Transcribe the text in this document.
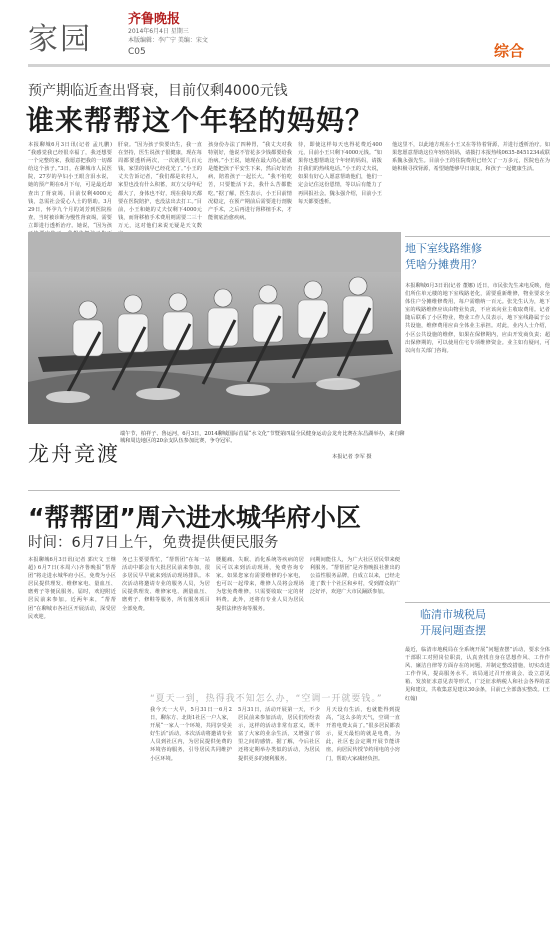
家园
齐鲁晚报
2014年6月4日 星期三
本版编辑：李广宁 美编：宋文
C05	综合
预产期临近查出肾衰，目前仅剩4000元钱
谁来帮帮这个年轻的妈妈？
本报聊城6月3日讯(记者 孟凡鹏) “我感觉我已经很幸福了，我还想要一个完整的家，我愿意把我的一切都给这个孩子。”3日，在聊城市人民医院，27岁的孕妇小王眼含泪水说，她的预产期在6月下旬，可是最近却查出了肾衰竭，目前仅剩4000元钱，急需社会爱心人士的帮助。3月29日，怀孕九个月的刘芳到医院检查，当时被诊断为慢性肾衰竭，需要立即进行透析治疗。她说，“因为孩
肝衰。“因为孩子快要出生，我一直在坚持，医生说孩子很健康，现在每周都要透析两次，一次就要几百元钱，家里的钱早已经花光了。”小王的丈夫告诉记者，“我们都是农村人，家里也没有什么积蓄，双方父母年纪都大了，身体也不好，现在我每天都要在医院陪护，也没法出去打工。”目前，小王和她的丈夫仅剩下4000元钱，而肾移植手术费用则需要二三十万元，这对他们来说无疑是天文数
孩身份办法了四种胃，“我丈夫对我特别好，他说不管花多少钱都要给我治病。”小王说，她现在最大的心愿就是能把孩子平安生下来，然后好好治病，陪着孩子一起长大。“我不怕吃苦，只要能活下去，我什么苦都能吃。”据了解，医生表示，小王目前情况稳定，在预产期前后需要进行剖腹产手术，之后再进行肾移植手术，才能彻底治愈疾病。
待，即使这样每天也得花费近400元，目前小王只剩下4000元钱。“如果你也想帮助这个年轻的妈妈，请拨打我们的热线电话。”小王的丈夫说，如果有好心人愿意帮助他们，他们一定会记住这份恩情，等以后有能力了再回报社会。魏永强介绍，目前小王每天都要透析。
他这里不，以此地方现在小王又在等待着肾源，并进行透析治疗。如果您愿意帮助这位年轻的妈妈，请拨打本报热线0635-8451234或联系魏永强先生。目前小王的住院费用已经欠了一万多元，医院也在为她积极寻找肾源，希望她能够早日康复，和孩子一起健康生活。
龙舟竞渡
端午节，柏祥子、鲁运河，6月3日，2014聊城国际首届“水文化”节暨第四届全民健身运动会龙舟比赛在东昌湖举办，来自聊城和周边地区的20余支队伍参加比赛，争夺冠军。
本报记者 李军 摄
地下室线路维修
凭啥分摊费用？
本报聊城6月3日讯(记者 董娜) 近日，市民张先生来电反映，他们所住单元楼的地下室线路老化，需要重新维修，物业要求全体住户分摊维修费用，每户需缴纳一百元。张先生认为，地下室的线路维修应该由物业负责，不应该向业主收取费用。记者随后联系了小区物业，物业工作人员表示，地下室线路属于公共设施，维修费用应由全体业主承担。对此，业内人士介绍，小区公共设施的维修，如果在保修期内，应由开发商负责；超出保修期的，可以使用住宅专项维修资金。业主如有疑问，可以向有关部门咨询。
“帮帮团”周六进水城华府小区
时间：6月7日上午，免费提供便民服务
本报聊城6月3日讯(记者 郭庆文 王继超) 6月7日(本周六)齐鲁晚报“帮帮团”将走进水城华府小区，免费为小区居民提供理发、维修家电、量血压、磨剪子等便民服务。届时，欢迎附近居民前来参加。近两年来，“帮帮团”在聊城市各社区开展活动，深受居民欢迎。
务已主要要帮忙，“帮帮团”在每一站活动中都会有大批居民前来参加，很多居民早早就来到活动现场排队。本次活动将邀请专业的服务人员，为居民提供理发、维修家电、测量血压、磨剪子、修鞋等服务，所有服务项目全部免费。
腰腿痛、失眠、消化系统等疾病的居民可以来到活动现场，免费咨询专家。如果您家有需要维修的小家电，也可以一起带来，维修人员将会现场为您免费维修，只需要收取一定的材料费。此外，还将有专业人员为居民提供法律咨询等服务。
问期间能住人，为广大社区居民带来便利服务。“帮帮团”是齐鲁晚报社推出的公益性服务品牌，自成立以来，已经走进了数十个社区和乡村，受到群众的广泛好评，欢迎广大市民踊跃参加。
“夏天一到，热得我不知怎么办，“空调一开就要钱。”
我今天一大早，5月31日一6月2日，聊东方、北街1社区一户人家，开展“一家人一个环境，共同享受美好生活”活动，本次活动将邀请专业人员到社区内，为居民提供免费的环境咨询服务，引导居民共同维护小区环境。
5月31日，活动开展第一天，不少居民前来参加活动，居民们纷纷表示，这样的活动非常有意义，既丰富了大家的业余生活，又增强了邻里之间的感情。据了解，今后社区还将定期举办类似的活动，为居民提供更多的便利服务。
月天设有生活，也就能得到提高，“这么多的天气，空调一直开着电费太高了。”很多居民都表示，夏天最怕的就是电费，为此，社区也会定期开展节能讲座，向居民传授节约用电的小窍门，帮助大家减轻负担。
临清市城税局
开展问题查摆
最近，临清市地税局在全系统开展“问题查摆”活动，要求全体干部职工对照岗位职责，认真查找自身在思想作风、工作作风、廉洁自律等方面存在的问题，并制定整改措施，切实改进工作作风，提高服务水平。该局通过召开座谈会、设立意见箱、发放征求意见表等形式，广泛征求纳税人和社会各界的意见和建议，共收集意见建议30余条，目前已全部落实整改。(王红翰)
